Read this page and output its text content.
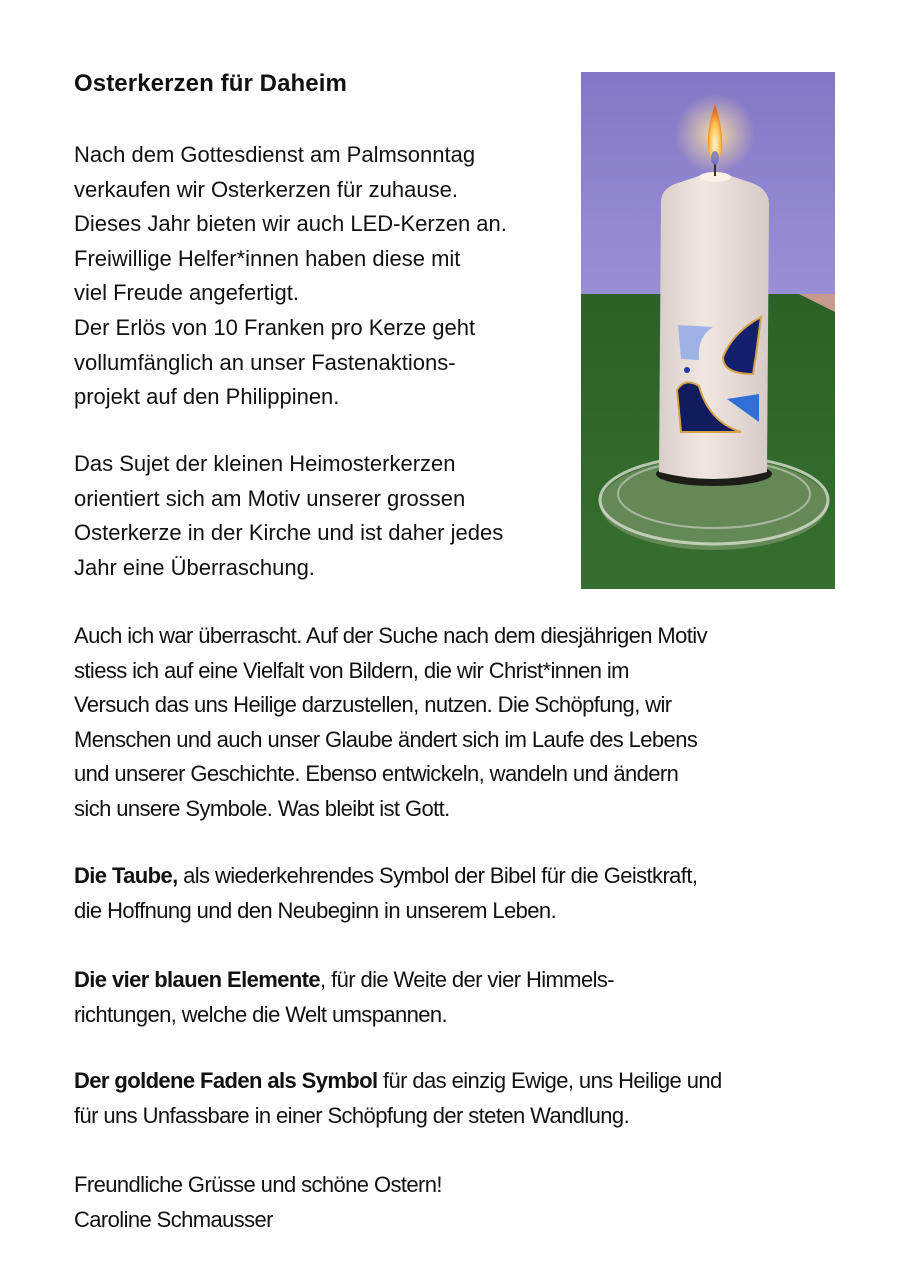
Osterkerzen für Daheim
Nach dem Gottesdienst am Palmsonntag
verkaufen wir Osterkerzen für zuhause.
Dieses Jahr bieten wir auch LED-Kerzen an.
Freiwillige Helfer*innen haben diese mit
viel Freude angefertigt.
Der Erlös von 10 Franken pro Kerze geht
vollumfänglich an unser Fastenaktions-
projekt auf den Philippinen.
Das Sujet der kleinen Heimosterkerzen
orientiert sich am Motiv unserer grossen
Osterkerze in der Kirche und ist daher jedes
Jahr eine Überraschung.
Auch ich war überrascht. Auf der Suche nach dem diesjährigen Motiv
stiess ich auf eine Vielfalt von Bildern, die wir Christ*innen im
Versuch das uns Heilige darzustellen, nutzen. Die Schöpfung, wir
Menschen und auch unser Glaube ändert sich im Laufe des Lebens
und unserer Geschichte. Ebenso entwickeln, wandeln und ändern
sich unsere Symbole. Was bleibt ist Gott.
Die Taube, als wiederkehrendes Symbol der Bibel für die Geistkraft,
die Hoffnung und den Neubeginn in unserem Leben.
Die vier blauen Elemente, für die Weite der vier Himmels-
richtungen, welche die Welt umspannen.
Der goldene Faden als Symbol für das einzig Ewige, uns Heilige und
für uns Unfassbare in einer Schöpfung der steten Wandlung.
Freundliche Grüsse und schöne Ostern!
Caroline Schmausser
